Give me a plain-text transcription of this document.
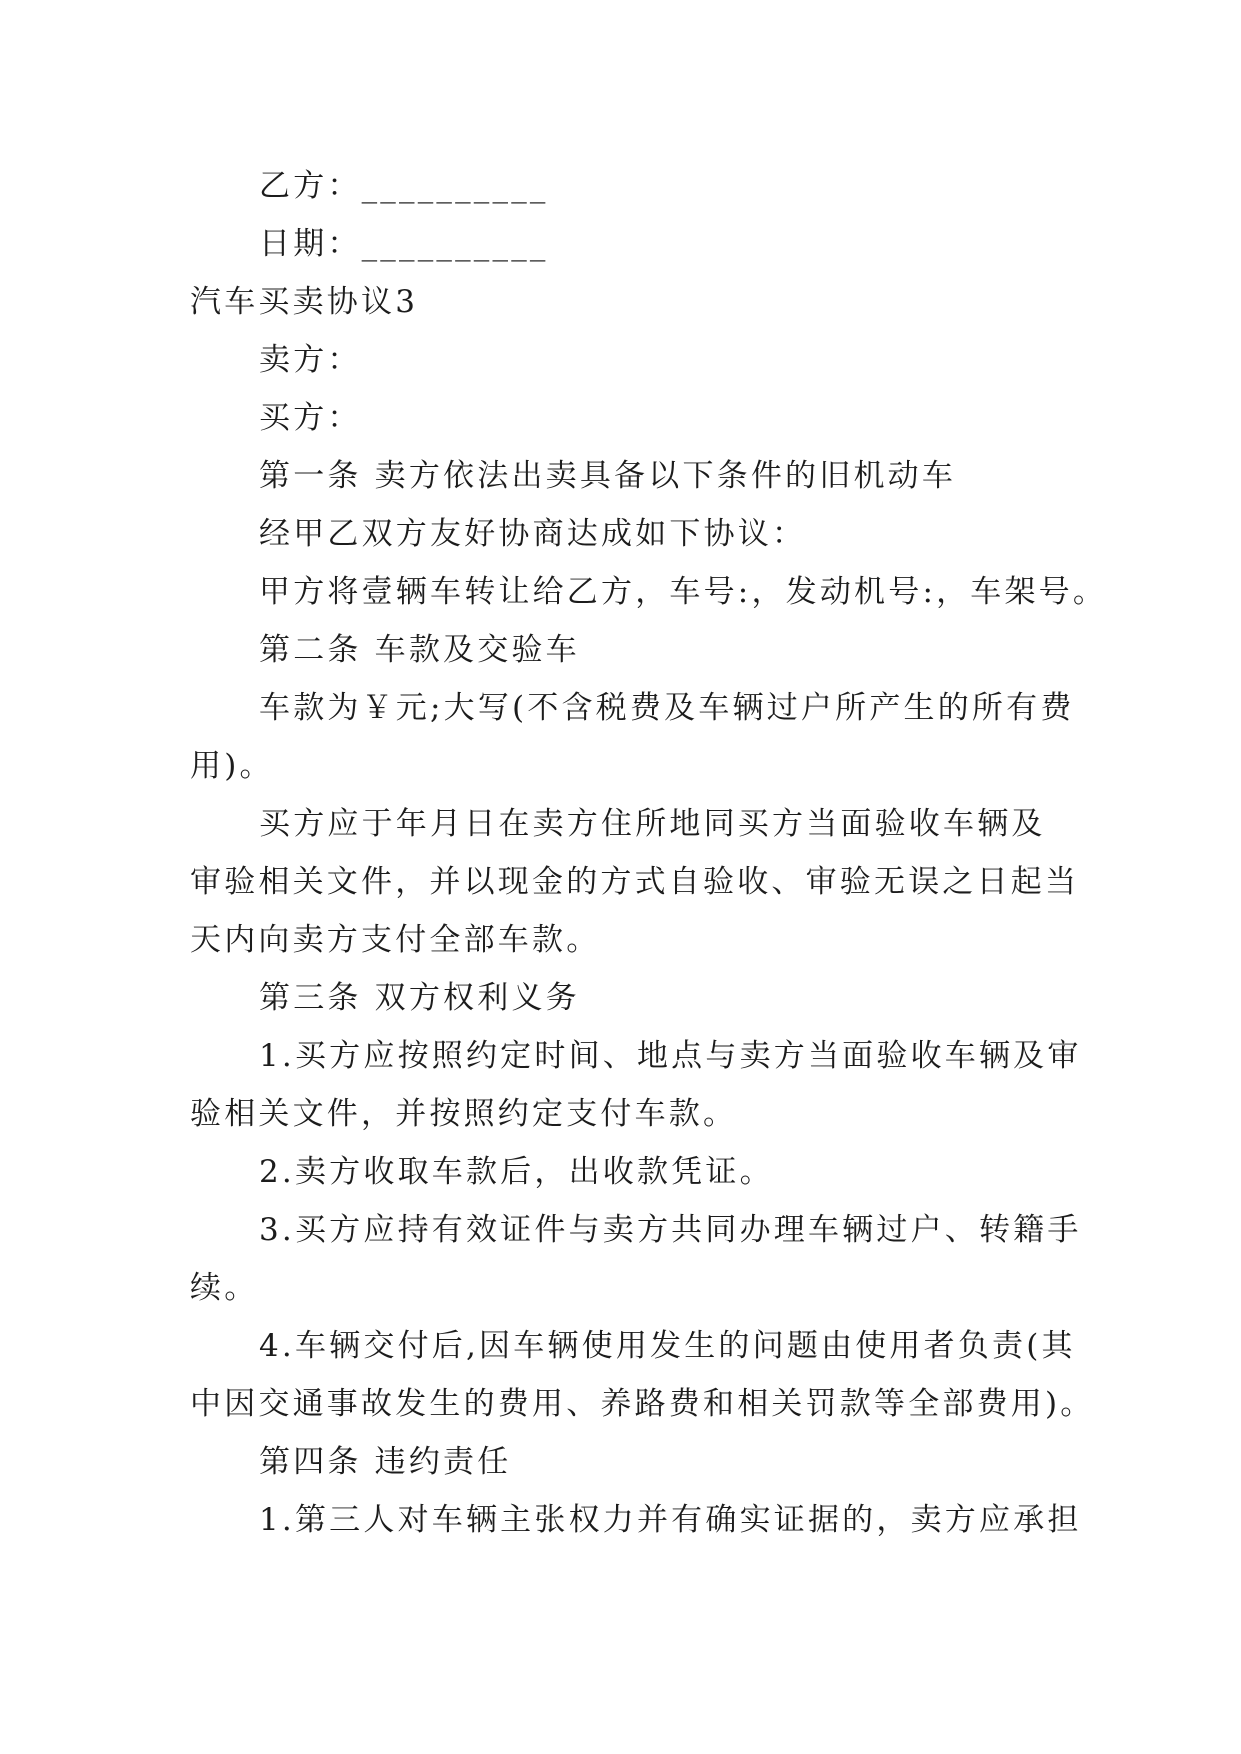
乙方：__________
日期：__________
汽车买卖协议3
卖方：
买方：
第一条 卖方依法出卖具备以下条件的旧机动车
经甲乙双方友好协商达成如下协议：
甲方将壹辆车转让给乙方，车号:，发动机号:，车架号。
第二条 车款及交验车
车款为￥元;大写(不含税费及车辆过户所产生的所有费
用)。
买方应于年月日在卖方住所地同买方当面验收车辆及
审验相关文件，并以现金的方式自验收、审验无误之日起当
天内向卖方支付全部车款。
第三条 双方权利义务
1.买方应按照约定时间、地点与卖方当面验收车辆及审
验相关文件，并按照约定支付车款。
2.卖方收取车款后，出收款凭证。
3.买方应持有效证件与卖方共同办理车辆过户、转籍手
续。
4.车辆交付后,因车辆使用发生的问题由使用者负责(其
中因交通事故发生的费用、养路费和相关罚款等全部费用)。
第四条 违约责任
1.第三人对车辆主张权力并有确实证据的，卖方应承担
